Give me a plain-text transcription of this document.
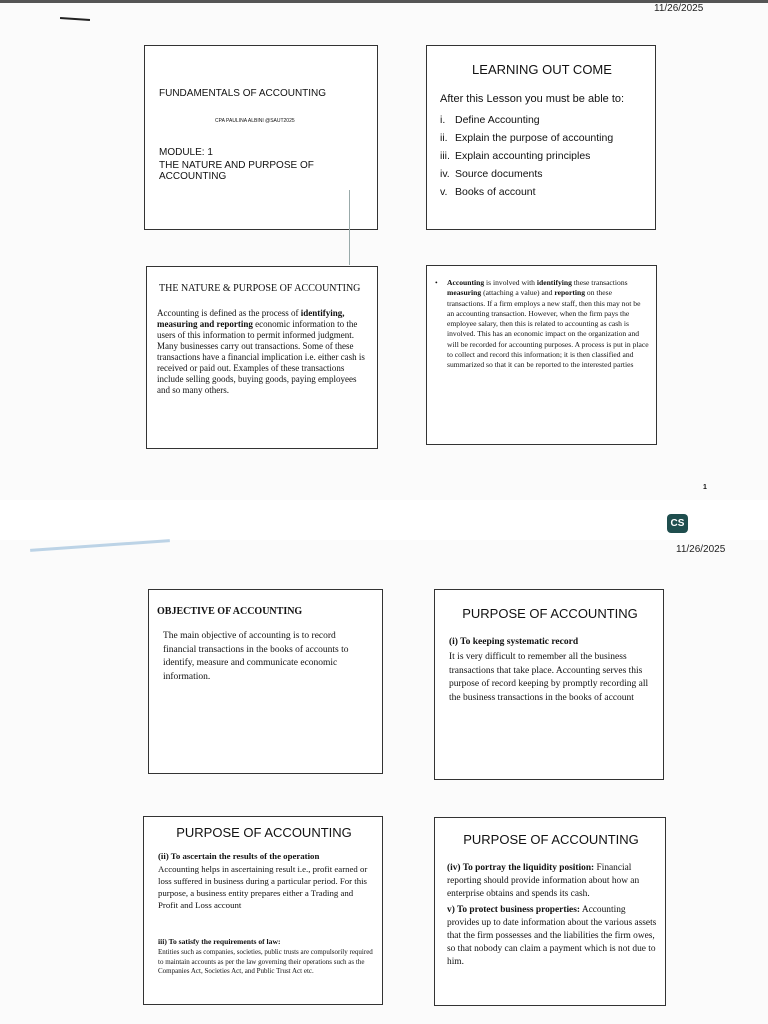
11/26/2025
FUNDAMENTALS OF ACCOUNTING
CPA PAULINA ALBINI @SAUT2025
MODULE: 1
THE NATURE AND PURPOSE OF ACCOUNTING
LEARNING OUT COME
After this Lesson you must be able to:
i. Define Accounting
ii. Explain the purpose of accounting
iii. Explain accounting principles
iv. Source documents
v. Books of account
THE NATURE & PURPOSE OF ACCOUNTING

Accounting is defined as the process of identifying, measuring and reporting economic information to the users of this information to permit informed judgment.

Many businesses carry out transactions. Some of these transactions have a financial implication i.e. either cash is received or paid out. Examples of these transactions include selling goods, buying goods, paying employees and so many others.

• Accounting is involved with identifying these transactions measuring (attaching a value) and reporting on these transactions. If a firm employs a new staff, then this may not be an accounting transaction. However, when the firm pays the employee salary, then this is related to accounting as cash is involved. This has an economic impact on the organization and will be recorded for accounting purposes. A process is put in place to collect and record this information; it is then classified and summarized so that it can be reported to the interested parties

1
CS
11/26/2025
OBJECTIVE OF ACCOUNTING
The main objective of accounting is to record financial transactions in the books of accounts to identify, measure and communicate economic information.
PURPOSE OF ACCOUNTING
(i) To keeping systematic record
It is very difficult to remember all the business transactions that take place. Accounting serves this purpose of record keeping by promptly recording all the business transactions in the books of account
PURPOSE OF ACCOUNTING
(ii) To ascertain the results of the operation
Accounting helps in ascertaining result i.e., profit earned or loss suffered in business during a particular period. For this purpose, a business entity prepares either a Trading and Profit and Loss account
iii) To satisfy the requirements of law:
Entities such as companies, societies, public trusts are compulsorily required to maintain accounts as per the law governing their operations such as the Companies Act, Societies Act, and Public Trust Act etc.
PURPOSE OF ACCOUNTING

(iv) To portray the liquidity position: Financial reporting should provide information about how an enterprise obtains and spends its cash.

v) To protect business properties: Accounting provides up to date information about the various assets that the firm possesses and the liabilities the firm owes, so that nobody can claim a payment which is not due to him.
